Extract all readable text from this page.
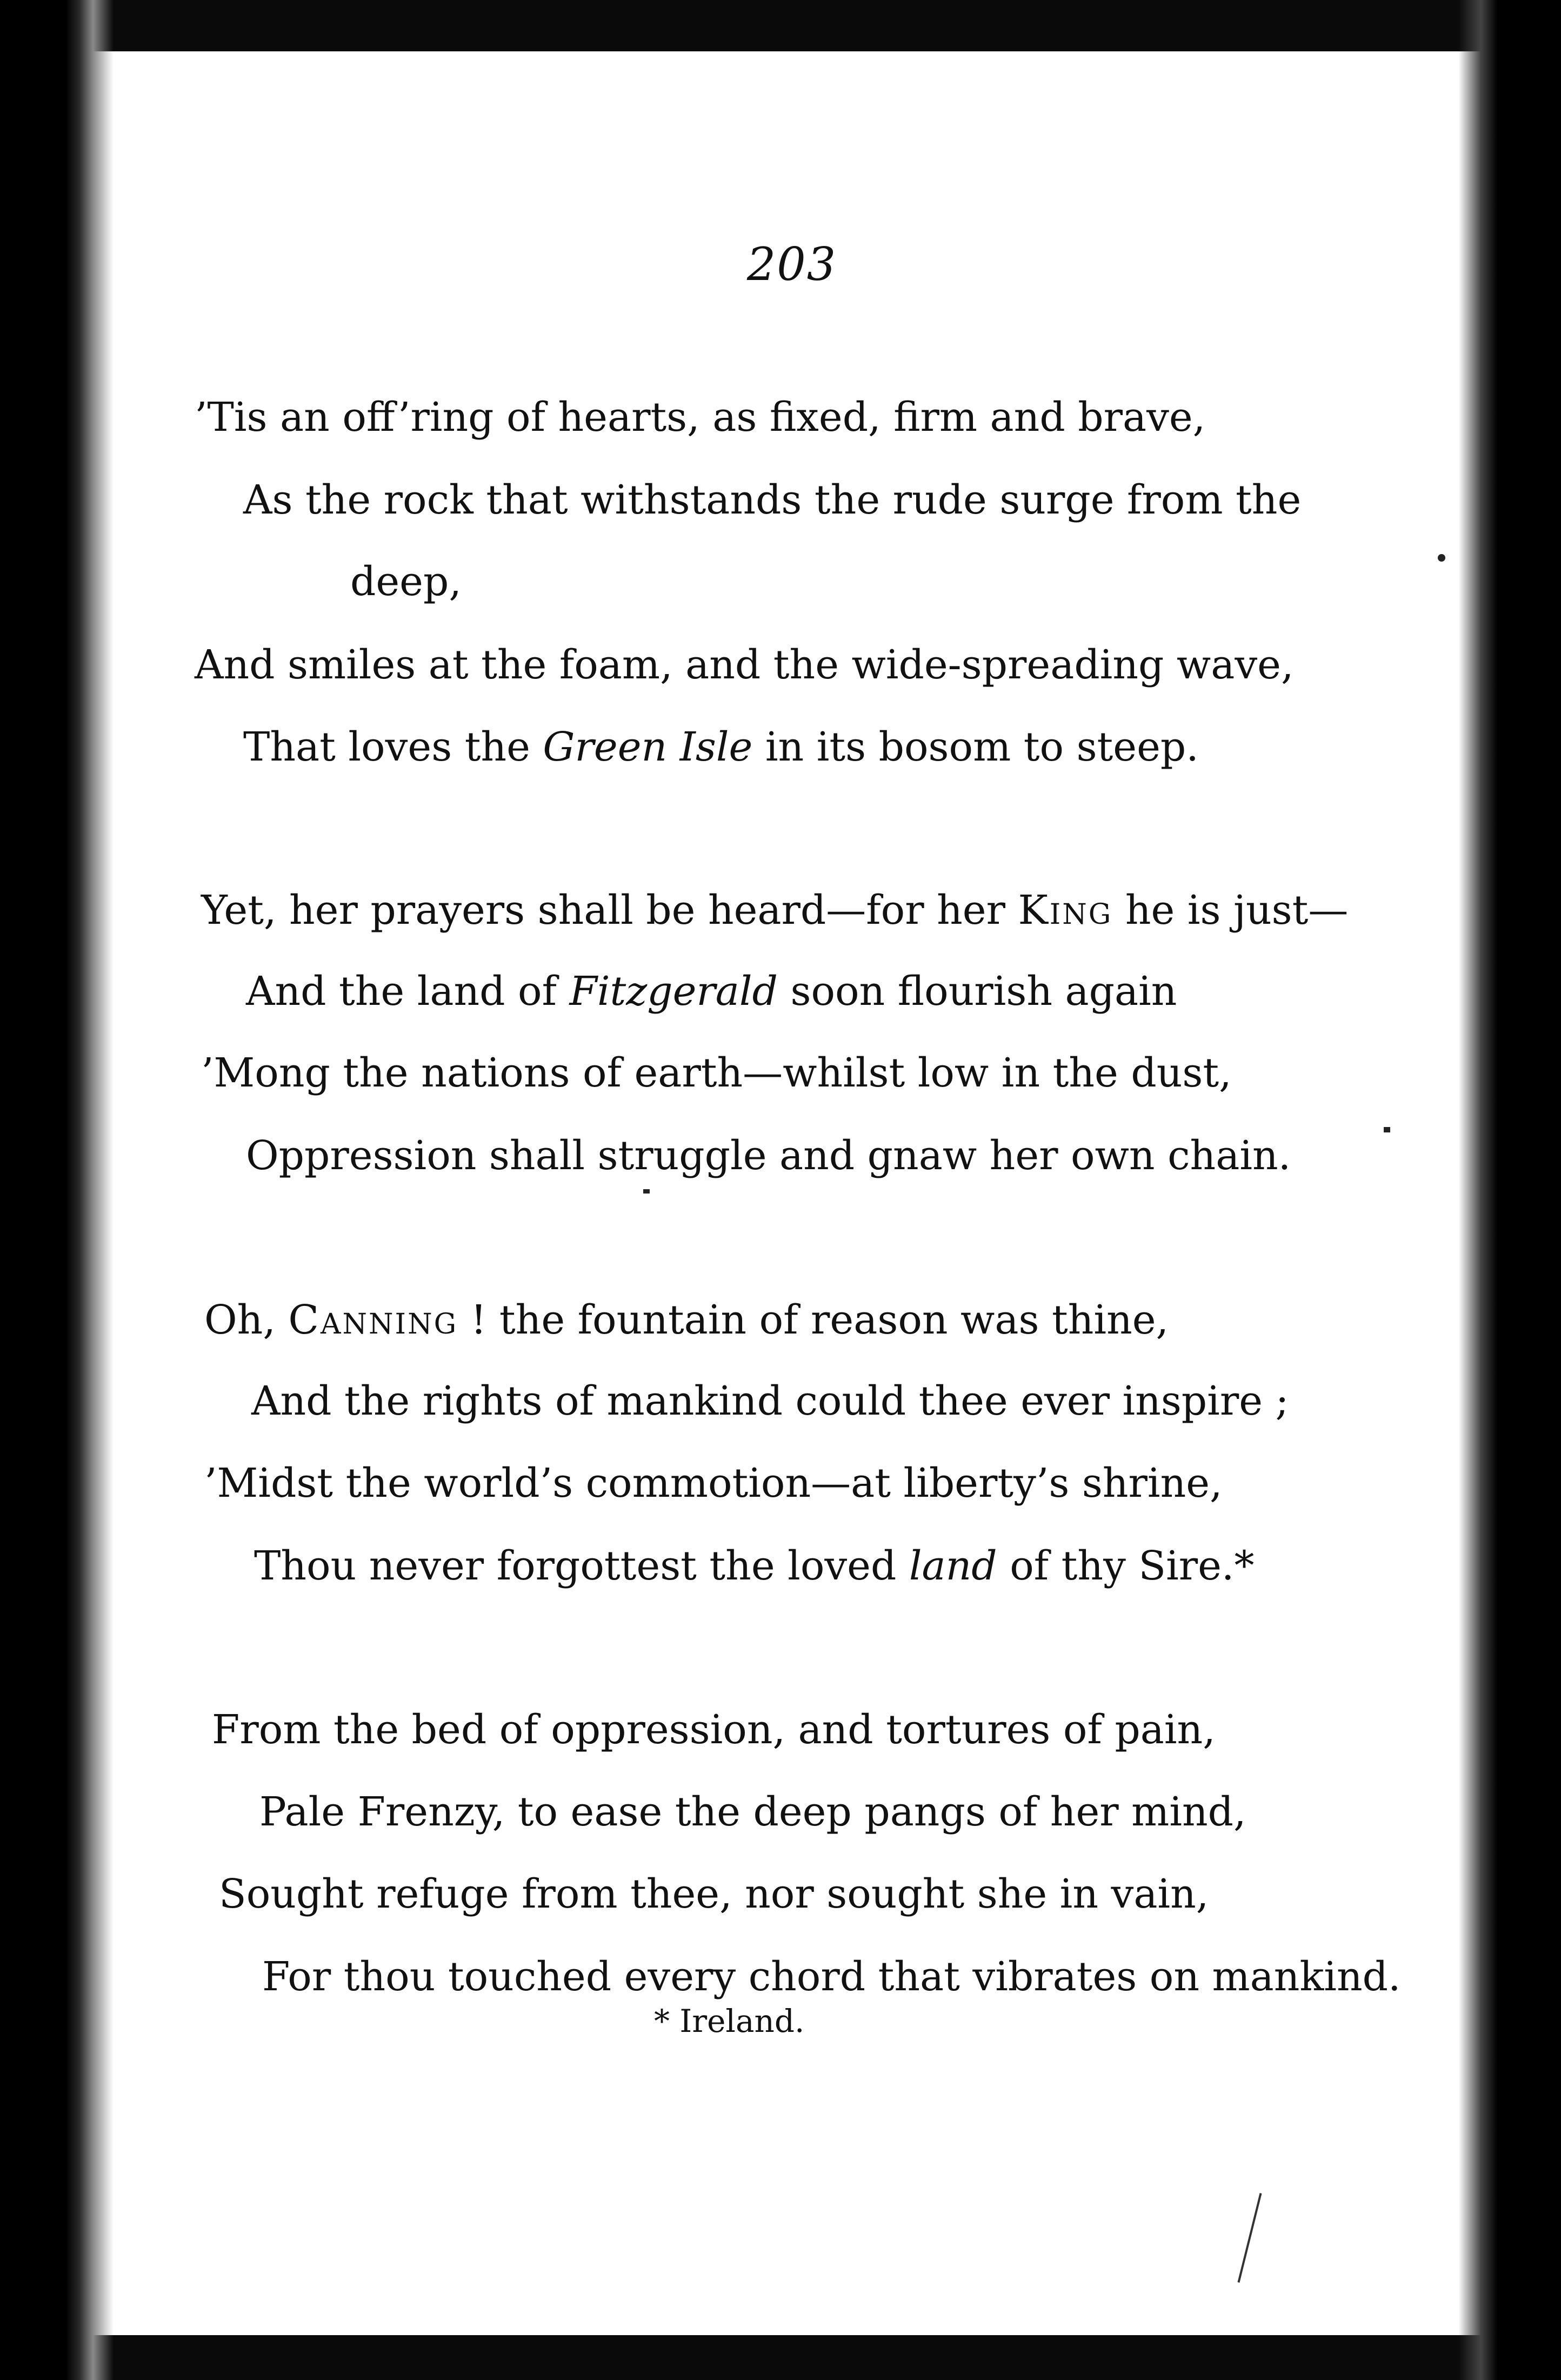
203
’Tis an off’ring of hearts, as fixed, firm and brave,
As the rock that withstands the rude surge from the
deep,
And smiles at the foam, and the wide-spreading wave,
That loves the Green Isle in its bosom to steep.
Yet, her prayers shall be heard—for her King he is just—
And the land of Fitzgerald soon flourish again
’Mong the nations of earth—whilst low in the dust,
Oppression shall struggle and gnaw her own chain.
Oh, Canning ! the fountain of reason was thine,
And the rights of mankind could thee ever inspire ;
’Midst the world’s commotion—at liberty’s shrine,
Thou never forgottest the loved land of thy Sire.*
From the bed of oppression, and tortures of pain,
Pale Frenzy, to ease the deep pangs of her mind,
Sought refuge from thee, nor sought she in vain,
For thou touched every chord that vibrates on mankind.
* Ireland.
